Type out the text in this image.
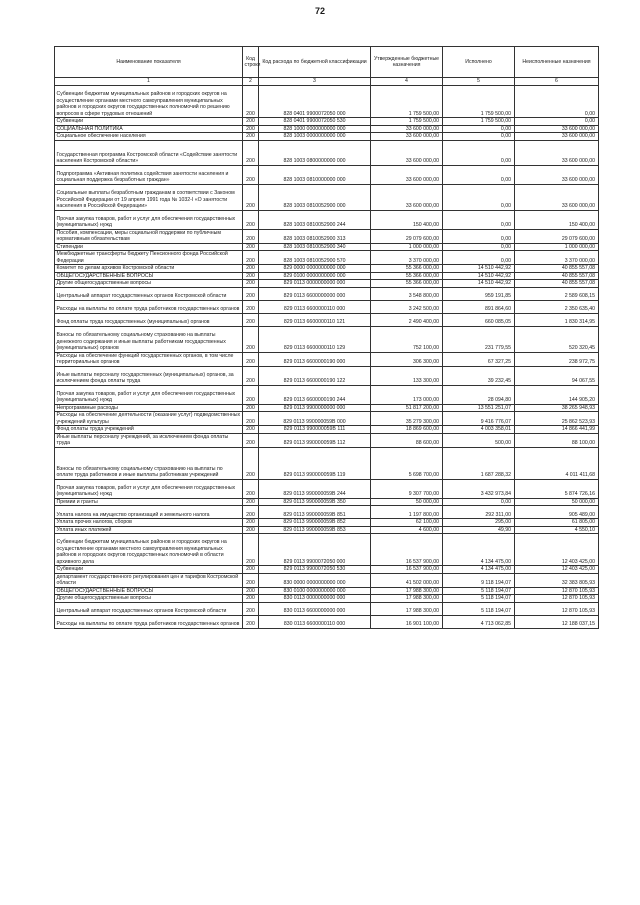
72
Наименование показателя	Код строки	Код расхода по бюджетной классификации	Утвержденные бюджетные назначения	Исполнено	Неисполненные назначения
1	2	3	4	5	6
Субвенции бюджетам муниципальных районов и городских округов на осуществление органами местного самоуправления муниципальных районов и городских округов государственных полномочий по решению вопросов в сфере трудовых отношений	200	828 0401 9900072050 000	1 759 500,00	1 759 500,00	0,00
Субвенции	200	828 0401 9900072050 530	1 759 500,00	1 759 500,00	0,00
СОЦИАЛЬНАЯ ПОЛИТИКА	200	828 1000 0000000000 000	33 600 000,00	0,00	33 600 000,00
Социальное обеспечение населения	200	828 1003 0000000000 000	33 600 000,00	0,00	33 600 000,00
Государственная программа Костромской области «Содействие занятости населения Костромской области»	200	828 1003 0800000000 000	33 600 000,00	0,00	33 600 000,00
Подпрограмма «Активная политика содействия занятости населения и социальная поддержка безработных граждан»	200	828 1003 0810000000 000	33 600 000,00	0,00	33 600 000,00
Социальные выплаты безработным гражданам в соответствии с Законом Российской Федерации от 19 апреля 1991 года № 1032-I «О занятости населения в Российской Федерации»	200	828 1003 0810052900 000	33 600 000,00	0,00	33 600 000,00
Прочая закупка товаров, работ и услуг для обеспечения государственных (муниципальных) нужд	200	828 1003 0810052900 244	150 400,00	0,00	150 400,00
Пособия, компенсации, меры социальной поддержки по публичным нормативным обязательствам	200	828 1003 0810052900 313	29 079 600,00	0,00	29 079 600,00
Стипендии	200	828 1003 0810052900 340	1 000 000,00	0,00	1 000 000,00
Межбюджетные трансферты бюджету Пенсионного фонда Российской Федерации	200	828 1003 0810052900 570	3 370 000,00	0,00	3 370 000,00
Комитет по делам архивов Костромской области	200	829 0000 0000000000 000	55 366 000,00	14 510 442,92	40 855 557,08
ОБЩЕГОСУДАРСТВЕННЫЕ ВОПРОСЫ	200	829 0100 0000000000 000	55 366 000,00	14 510 442,92	40 855 557,08
Другие общегосударственные вопросы	200	829 0113 0000000000 000	55 366 000,00	14 510 442,92	40 855 557,08
Центральный аппарат государственных органов Костромской области	200	829 0113 6600000000 000	3 548 800,00	959 191,85	2 589 608,15
Расходы на выплаты по оплате труда работников государственных органов	200	829 0113 6600000110 000	3 242 500,00	891 864,60	2 350 635,40
Фонд оплаты труда государственных (муниципальных) органов	200	829 0113 6600000110 121	2 490 400,00	660 085,05	1 830 314,95
Взносы по обязательному социальному страхованию на выплаты денежного содержания и иные выплаты работникам государственных (муниципальных) органов	200	829 0113 6600000110 129	752 100,00	231 779,55	520 320,45
Расходы на обеспечение функций государственных органов, в том числе территориальных органов	200	829 0113 6600000190 000	306 300,00	67 327,25	238 972,75
Иные выплаты персоналу государственных (муниципальных) органов, за исключением фонда оплаты труда	200	829 0113 6600000190 122	133 300,00	39 232,45	94 067,55
Прочая закупка товаров, работ и услуг для обеспечения государственных (муниципальных) нужд	200	829 0113 6600000190 244	173 000,00	28 094,80	144 905,20
Непрограммные расходы	200	829 0113 9900000000 000	51 817 200,00	13 551 251,07	38 265 948,93
Расходы на обеспечение деятельности (оказание услуг) подведомственных учреждений культуры	200	829 0113 990000059В 000	35 279 300,00	9 416 776,07	25 862 523,93
Фонд оплаты труда учреждений	200	829 0113 990000059В 111	18 869 600,00	4 003 358,01	14 866 441,99
Иные выплаты персоналу учреждений, за исключением фонда оплаты труда	200	829 0113 990000059В 112	88 600,00	500,00	88 100,00
Взносы по обязательному социальному страхованию на выплаты по оплате труда работников и иные выплаты работникам учреждений	200	829 0113 990000059В 119	5 698 700,00	1 687 288,32	4 011 411,68
Прочая закупка товаров, работ и услуг для обеспечения государственных (муниципальных) нужд	200	829 0113 990000059В 244	9 307 700,00	3 432 973,84	5 874 726,16
Премии и гранты	200	829 0113 990000059В 350	50 000,00	0,00	50 000,00
Уплата налога на имущество организаций и земельного налога	200	829 0113 990000059В 851	1 197 800,00	292 311,00	905 489,00
Уплата прочих налогов, сборов	200	829 0113 990000059В 852	62 100,00	295,00	61 805,00
Уплата иных платежей	200	829 0113 990000059В 853	4 600,00	49,90	4 550,10
Субвенции бюджетам муниципальных районов и городских округов на осуществление органами местного самоуправления муниципальных районов и городских округов государственных полномочий в области архивного дела	200	829 0113 9900072050 000	16 537 900,00	4 134 475,00	12 403 425,00
Субвенции	200	829 0113 9900072050 530	16 537 900,00	4 134 475,00	12 403 425,00
департамент государственного регулирования цен и тарифов Костромской области	200	830 0000 0000000000 000	41 502 000,00	9 118 194,07	32 383 805,93
ОБЩЕГОСУДАРСТВЕННЫЕ ВОПРОСЫ	200	830 0100 0000000000 000	17 988 300,00	5 118 194,07	12 870 105,93
Другие общегосударственные вопросы	200	830 0113 0000000000 000	17 988 300,00	5 118 194,07	12 870 105,93
Центральный аппарат государственных органов Костромской области	200	830 0113 6600000000 000	17 988 300,00	5 118 194,07	12 870 105,93
Расходы на выплаты по оплате труда работников государственных органов	200	830 0113 6600000110 000	16 901 100,00	4 713 062,85	12 188 037,15
